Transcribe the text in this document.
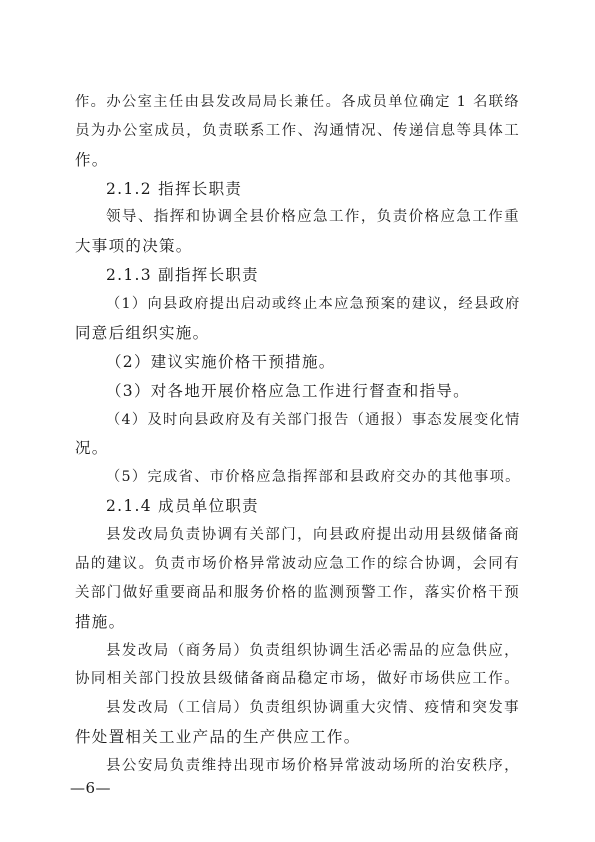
作。办公室主任由县发改局局长兼任。各成员单位确定 1 名联络
员为办公室成员，负责联系工作、沟通情况、传递信息等具体工
作。
2.1.2 指挥长职责
领导、指挥和协调全县价格应急工作，负责价格应急工作重
大事项的决策。
2.1.3 副指挥长职责
（1）向县政府提出启动或终止本应急预案的建议，经县政府
同意后组织实施。
（2）建议实施价格干预措施。
（3）对各地开展价格应急工作进行督查和指导。
（4）及时向县政府及有关部门报告（通报）事态发展变化情
况。
（5）完成省、市价格应急指挥部和县政府交办的其他事项。
2.1.4 成员单位职责
县发改局负责协调有关部门，向县政府提出动用县级储备商
品的建议。负责市场价格异常波动应急工作的综合协调，会同有
关部门做好重要商品和服务价格的监测预警工作，落实价格干预
措施。
县发改局（商务局）负责组织协调生活必需品的应急供应，
协同相关部门投放县级储备商品稳定市场，做好市场供应工作。
县发改局（工信局）负责组织协调重大灾情、疫情和突发事
件处置相关工业产品的生产供应工作。
县公安局负责维持出现市场价格异常波动场所的治安秩序，
—6—
